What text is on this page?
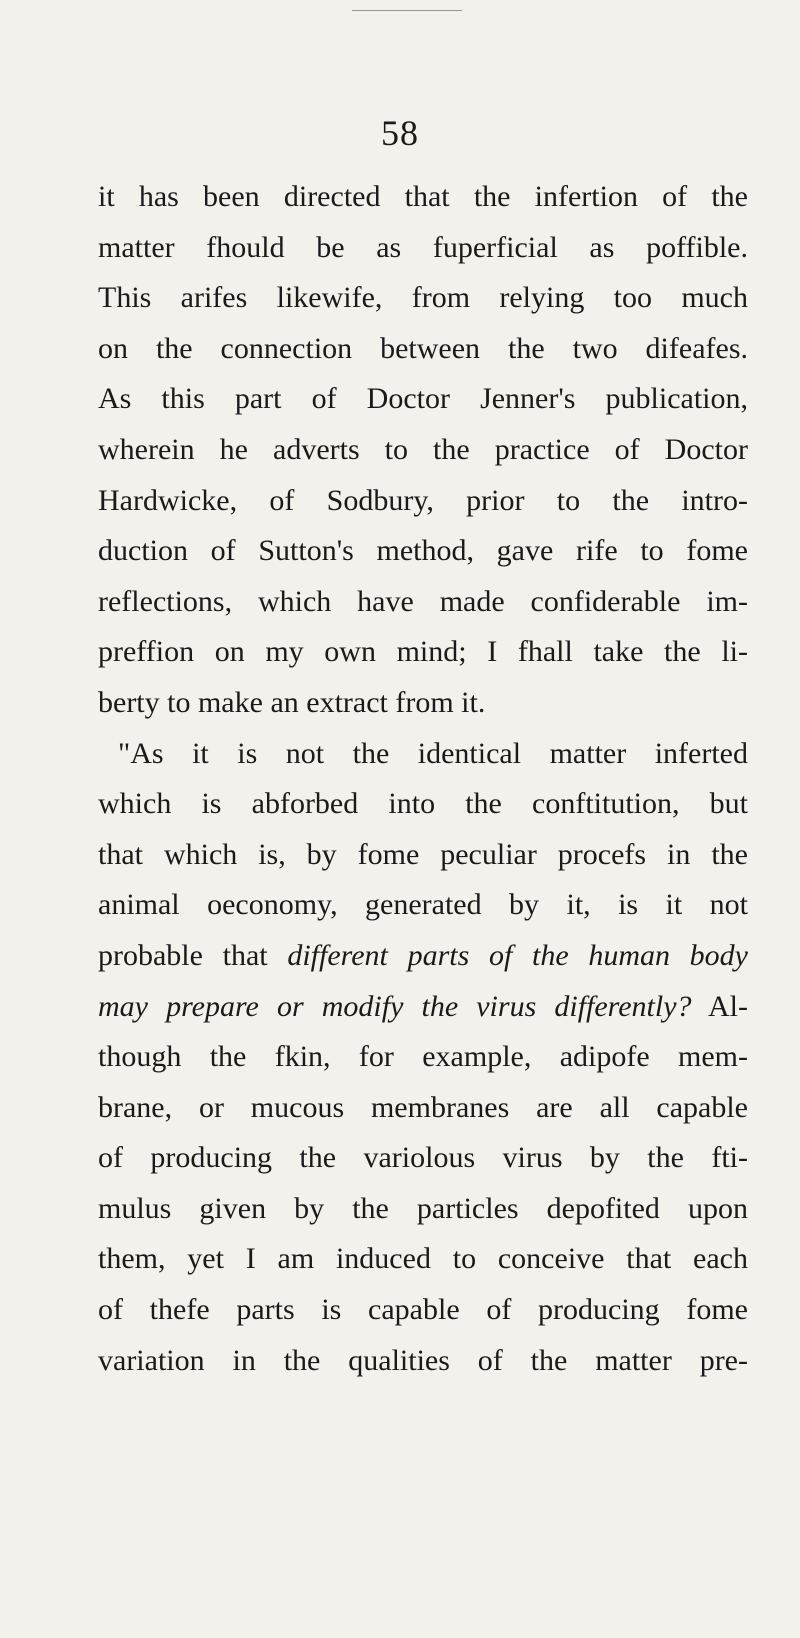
58
it has been directed that the infertion of the
matter fhould be as fuperficial as poffible.
This arifes likewife, from relying too much
on the connection between the two difeafes.
As this part of Doctor Jenner's publication,
wherein he adverts to the practice of Doctor
Hardwicke, of Sodbury, prior to the intro-
duction of Sutton's method, gave rife to fome
reflections, which have made confiderable im-
preffion on my own mind; I fhall take the li-
berty to make an extract from it.
"As it is not the identical matter inferted
which is abforbed into the conftitution, but
that which is, by fome peculiar procefs in the
animal oeconomy, generated by it, is it not
probable that different parts of the human body
may prepare or modify the virus differently? Al-
though the fkin, for example, adipofe mem-
brane, or mucous membranes are all capable
of producing the variolous virus by the fti-
mulus given by the particles depofited upon
them, yet I am induced to conceive that each
of thefe parts is capable of producing fome
variation in the qualities of the matter pre-
